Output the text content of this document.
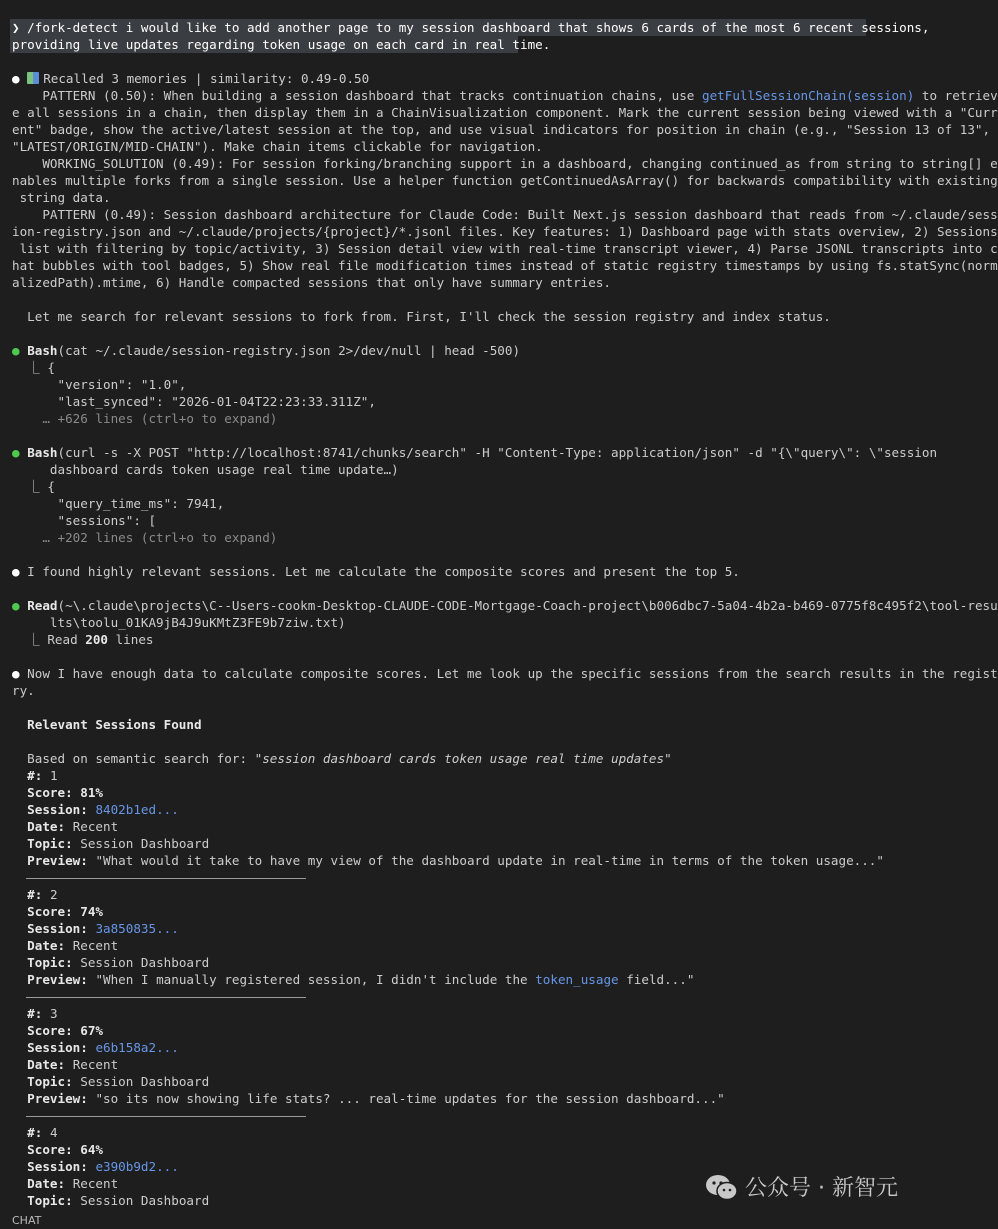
❯ /fork-detect i would like to add another page to my session dashboard that shows 6 cards of the most 6 recent sessions,
providing live updates regarding token usage on each card in real time.
● Recalled 3 memories | similarity: 0.49-0.50
PATTERN (0.50): When building a session dashboard that tracks continuation chains, use getFullSessionChain(session) to retriev
e all sessions in a chain, then display them in a ChainVisualization component. Mark the current session being viewed with a "Curr
ent" badge, show the active/latest session at the top, and use visual indicators for position in chain (e.g., "Session 13 of 13",
"LATEST/ORIGIN/MID-CHAIN"). Make chain items clickable for navigation.
WORKING_SOLUTION (0.49): For session forking/branching support in a dashboard, changing continued_as from string to string[] e
nables multiple forks from a single session. Use a helper function getContinuedAsArray() for backwards compatibility with existing
string data.
PATTERN (0.49): Session dashboard architecture for Claude Code: Built Next.js session dashboard that reads from ~/.claude/sess
ion-registry.json and ~/.claude/projects/{project}/*.jsonl files. Key features: 1) Dashboard page with stats overview, 2) Sessions
list with filtering by topic/activity, 3) Session detail view with real-time transcript viewer, 4) Parse JSONL transcripts into c
hat bubbles with tool badges, 5) Show real file modification times instead of static registry timestamps by using fs.statSync(norm
alizedPath).mtime, 6) Handle compacted sessions that only have summary entries.
Let me search for relevant sessions to fork from. First, I'll check the session registry and index status.
● Bash(cat ~/.claude/session-registry.json 2>/dev/null | head -500)
⎿ {
"version": "1.0",
"last_synced": "2026-01-04T22:23:33.311Z",
… +626 lines (ctrl+o to expand)
● Bash(curl -s -X POST "http://localhost:8741/chunks/search" -H "Content-Type: application/json" -d "{\"query\": \"session
dashboard cards token usage real time update…)
⎿ {
"query_time_ms": 7941,
"sessions": [
… +202 lines (ctrl+o to expand)
● I found highly relevant sessions. Let me calculate the composite scores and present the top 5.
● Read(~\.claude\projects\C--Users-cookm-Desktop-CLAUDE-CODE-Mortgage-Coach-project\b006dbc7-5a04-4b2a-b469-0775f8c495f2\tool-resu
lts\toolu_01KA9jB4J9uKMtZ3FE9b7ziw.txt)
⎿ Read 200 lines
● Now I have enough data to calculate composite scores. Let me look up the specific sessions from the search results in the regist
ry.
Relevant Sessions Found
Based on semantic search for: "session dashboard cards token usage real time updates"
#: 1
Score: 81%
Session: 8402b1ed...
Date: Recent
Topic: Session Dashboard
Preview: "What would it take to have my view of the dashboard update in real-time in terms of the token usage..."
#: 2
Score: 74%
Session: 3a850835...
Date: Recent
Topic: Session Dashboard
Preview: "When I manually registered session, I didn't include the token_usage field..."
#: 3
Score: 67%
Session: e6b158a2...
Date: Recent
Topic: Session Dashboard
Preview: "so its now showing life stats? ... real-time updates for the session dashboard..."
#: 4
Score: 64%
Session: e390b9d2...
Date: Recent
Topic: Session Dashboard
CHAT
公众号 · 新智元
